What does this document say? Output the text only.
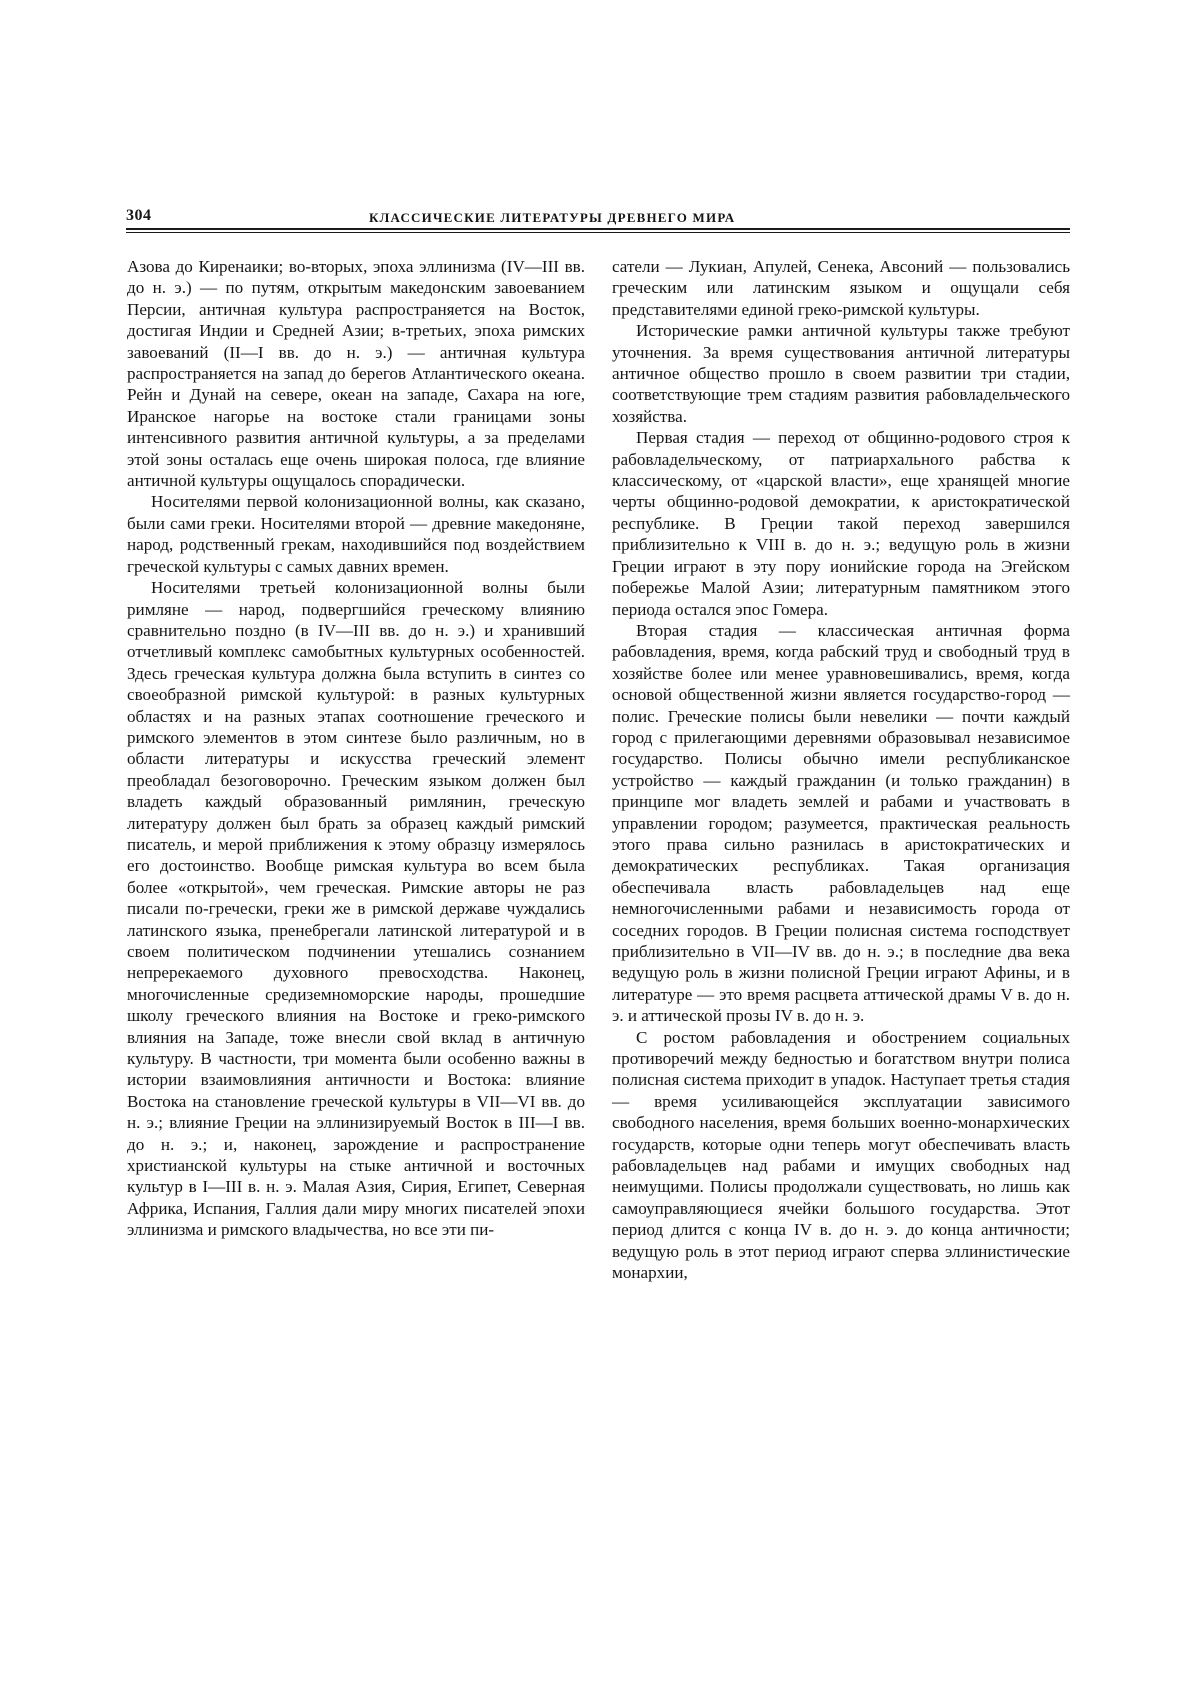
304	КЛАССИЧЕСКИЕ ЛИТЕРАТУРЫ ДРЕВНЕГО МИРА

Азова до Киренаики; во-вторых, эпоха эллинизма (IV—III вв. до н. э.) — по путям, открытым македонским завоеванием Персии, античная культура распространяется на Восток, достигая Индии и Средней Азии; в-третьих, эпоха римских завоеваний (II—I вв. до н. э.) — античная культура распространяется на запад до берегов Атлантического океана. Рейн и Дунай на севере, океан на западе, Сахара на юге, Иранское нагорье на востоке стали границами зоны интенсивного развития античной культуры, а за пределами этой зоны осталась еще очень широкая полоса, где влияние античной культуры ощущалось спорадически.

Носителями первой колонизационной волны, как сказано, были сами греки. Носителями второй — древние македоняне, народ, родственный грекам, находившийся под воздействием греческой культуры с самых давних времен.

Носителями третьей колонизационной волны были римляне — народ, подвергшийся греческому влиянию сравнительно поздно (в IV—III вв. до н. э.) и хранивший отчетливый комплекс самобытных культурных особенностей. Здесь греческая культура должна была вступить в синтез со своеобразной римской культурой: в разных культурных областях и на разных этапах соотношение греческого и римского элементов в этом синтезе было различным, но в области литературы и искусства греческий элемент преобладал безоговорочно. Греческим языком должен был владеть каждый образованный римлянин, греческую литературу должен был брать за образец каждый римский писатель, и мерой приближения к этому образцу измерялось его достоинство. Вообще римская культура во всем была более «открытой», чем греческая. Римские авторы не раз писали по-гречески, греки же в римской державе чуждались латинского языка, пренебрегали латинской литературой и в своем политическом подчинении утешались сознанием непререкаемого духовного превосходства. Наконец, многочисленные средиземноморские народы, прошедшие школу греческого влияния на Востоке и греко-римского влияния на Западе, тоже внесли свой вклад в античную культуру. В частности, три момента были особенно важны в истории взаимовлияния античности и Востока: влияние Востока на становление греческой культуры в VII—VI вв. до н. э.; влияние Греции на эллинизируемый Восток в III—I вв. до н. э.; и, наконец, зарождение и распространение христианской культуры на стыке античной и восточных культур в I—III в. н. э. Малая Азия, Сирия, Египет, Северная Африка, Испания, Галлия дали миру многих писателей эпохи эллинизма и римского владычества, но все эти пи-

сатели — Лукиан, Апулей, Сенека, Авсоний — пользовались греческим или латинским языком и ощущали себя представителями единой греко-римской культуры.

Исторические рамки античной культуры также требуют уточнения. За время существования античной литературы античное общество прошло в своем развитии три стадии, соответствующие трем стадиям развития рабовладельческого хозяйства.

Первая стадия — переход от общинно-родового строя к рабовладельческому, от патриархального рабства к классическому, от «царской власти», еще хранящей многие черты общинно-родовой демократии, к аристократической республике. В Греции такой переход завершился приблизительно к VIII в. до н. э.; ведущую роль в жизни Греции играют в эту пору ионийские города на Эгейском побережье Малой Азии; литературным памятником этого периода остался эпос Гомера.

Вторая стадия — классическая античная форма рабовладения, время, когда рабский труд и свободный труд в хозяйстве более или менее уравновешивались, время, когда основой общественной жизни является государство-город — полис. Греческие полисы были невелики — почти каждый город с прилегающими деревнями образовывал независимое государство. Полисы обычно имели республиканское устройство — каждый гражданин (и только гражданин) в принципе мог владеть землей и рабами и участвовать в управлении городом; разумеется, практическая реальность этого права сильно разнилась в аристократических и демократических республиках. Такая организация обеспечивала власть рабовладельцев над еще немногочисленными рабами и независимость города от соседних городов. В Греции полисная система господствует приблизительно в VII—IV вв. до н. э.; в последние два века ведущую роль в жизни полисной Греции играют Афины, и в литературе — это время расцвета аттической драмы V в. до н. э. и аттической прозы IV в. до н. э.

С ростом рабовладения и обострением социальных противоречий между бедностью и богатством внутри полиса полисная система приходит в упадок. Наступает третья стадия — время усиливающейся эксплуатации зависимого свободного населения, время больших военно-монархических государств, которые одни теперь могут обеспечивать власть рабовладельцев над рабами и имущих свободных над неимущими. Полисы продолжали существовать, но лишь как самоуправляющиеся ячейки большого государства. Этот период длится с конца IV в. до н. э. до конца античности; ведущую роль в этот период играют сперва эллинистические монархии,
